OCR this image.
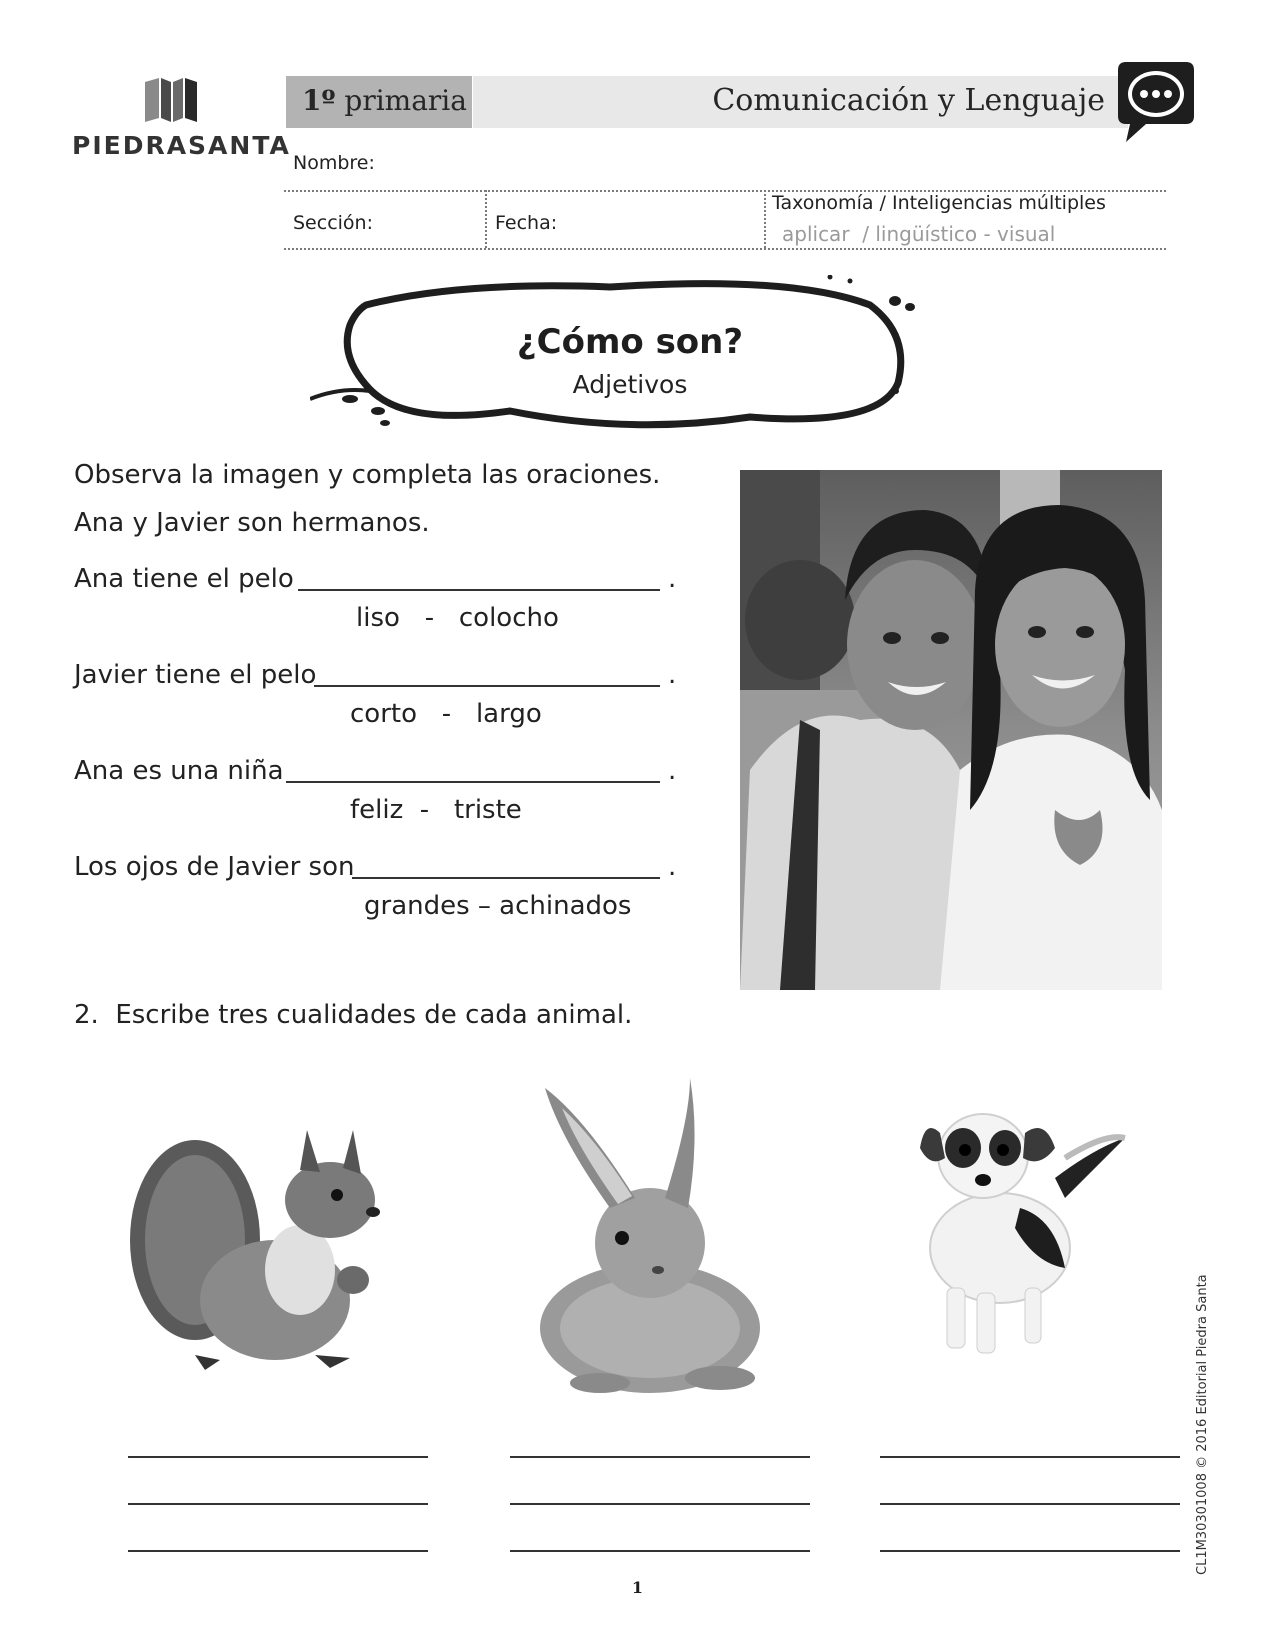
PIEDRASANTA
1º primaria	Comunicación y Lenguaje
Nombre:
Sección:	Fecha:
Taxonomía / Inteligencias múltiples
aplicar  / lingüístico - visual
¿Cómo son?
Adjetivos
Observa la imagen y completa las oraciones.
Ana y Javier son hermanos.
Ana tiene el pelo	.
liso   -   colocho
Javier tiene el pelo	.
corto   -   largo
Ana es una niña	.
feliz  -   triste
Los ojos de Javier son	.
grandes – achinados
2.  Escribe tres cualidades de cada animal.
CL1M30301008 © 2016 Editorial Piedra Santa
1
